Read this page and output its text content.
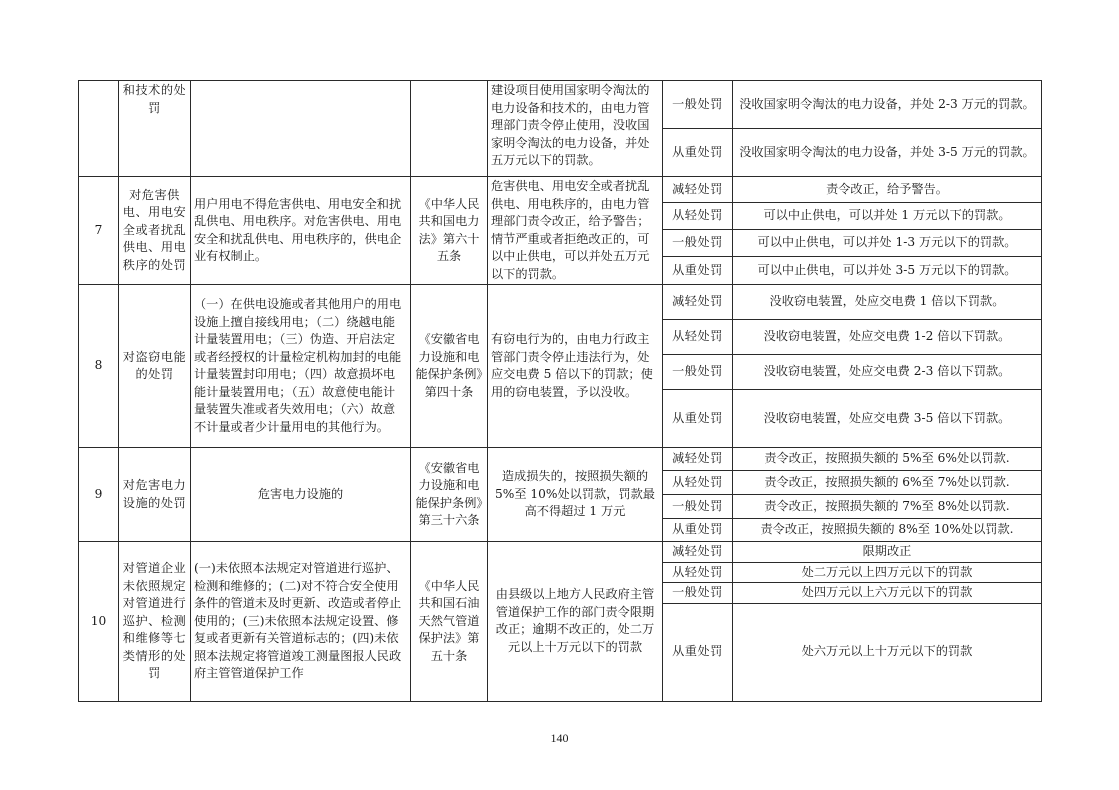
	和技术的处罚			建设项目使用国家明令淘汰的电力设备和技术的，由电力管理部门责令停止使用，没收国家明令淘汰的电力设备，并处五万元以下的罚款。	一般处罚	没收国家明令淘汰的电力设备，并处 2-3 万元的罚款。
					从重处罚	没收国家明令淘汰的电力设备，并处 3-5 万元的罚款。
7	对危害供电、用电安全或者扰乱供电、用电秩序的处罚	用户用电不得危害供电、用电安全和扰乱供电、用电秩序。对危害供电、用电安全和扰乱供电、用电秩序的，供电企业有权制止。	《中华人民共和国电力法》第六十五条	危害供电、用电安全或者扰乱供电、用电秩序的，由电力管理部门责令改正，给予警告；情节严重或者拒绝改正的，可以中止供电，可以并处五万元以下的罚款。	减轻处罚	责令改正，给予警告。
					从轻处罚	可以中止供电，可以并处 1 万元以下的罚款。
					一般处罚	可以中止供电，可以并处 1-3 万元以下的罚款。
					从重处罚	可以中止供电，可以并处 3-5 万元以下的罚款。
8	对盗窃电能的处罚	（一）在供电设施或者其他用户的用电设施上擅自接线用电；（二）绕越电能计量装置用电；（三）伪造、开启法定或者经授权的计量检定机构加封的电能计量装置封印用电；（四）故意损坏电能计量装置用电；（五）故意使电能计量装置失准或者失效用电；（六）故意不计量或者少计量用电的其他行为。	《安徽省电力设施和电能保护条例》第四十条	有窃电行为的，由电力行政主管部门责令停止违法行为，处应交电费 5 倍以下的罚款；使用的窃电装置，予以没收。	减轻处罚	没收窃电装置，处应交电费 1 倍以下罚款。
					从轻处罚	没收窃电装置，处应交电费 1-2 倍以下罚款。
					一般处罚	没收窃电装置，处应交电费 2-3 倍以下罚款。
					从重处罚	没收窃电装置，处应交电费 3-5 倍以下罚款。
9	对危害电力设施的处罚	危害电力设施的	《安徽省电力设施和电能保护条例》第三十六条	造成损失的，按照损失额的 5%至 10%处以罚款，罚款最高不得超过 1 万元	减轻处罚	责令改正，按照损失额的 5%至 6%处以罚款.
					从轻处罚	责令改正，按照损失额的 6%至 7%处以罚款.
					一般处罚	责令改正，按照损失额的 7%至 8%处以罚款.
					从重处罚	责令改正，按照损失额的 8%至 10%处以罚款.
10	对管道企业未依照规定对管道进行巡护、检测和维修等七类情形的处罚	(一)未依照本法规定对管道进行巡护、检测和维修的；(二)对不符合安全使用条件的管道未及时更新、改造或者停止使用的；(三)未依照本法规定设置、修复或者更新有关管道标志的；(四)未依照本法规定将管道竣工测量图报人民政府主管管道保护工作	《中华人民共和国石油天然气管道保护法》第五十条	由县级以上地方人民政府主管管道保护工作的部门责令限期改正；逾期不改正的，处二万元以上十万元以下的罚款	减轻处罚	限期改正
					从轻处罚	处二万元以上四万元以下的罚款
					一般处罚	处四万元以上六万元以下的罚款
					从重处罚	处六万元以上十万元以下的罚款
140
